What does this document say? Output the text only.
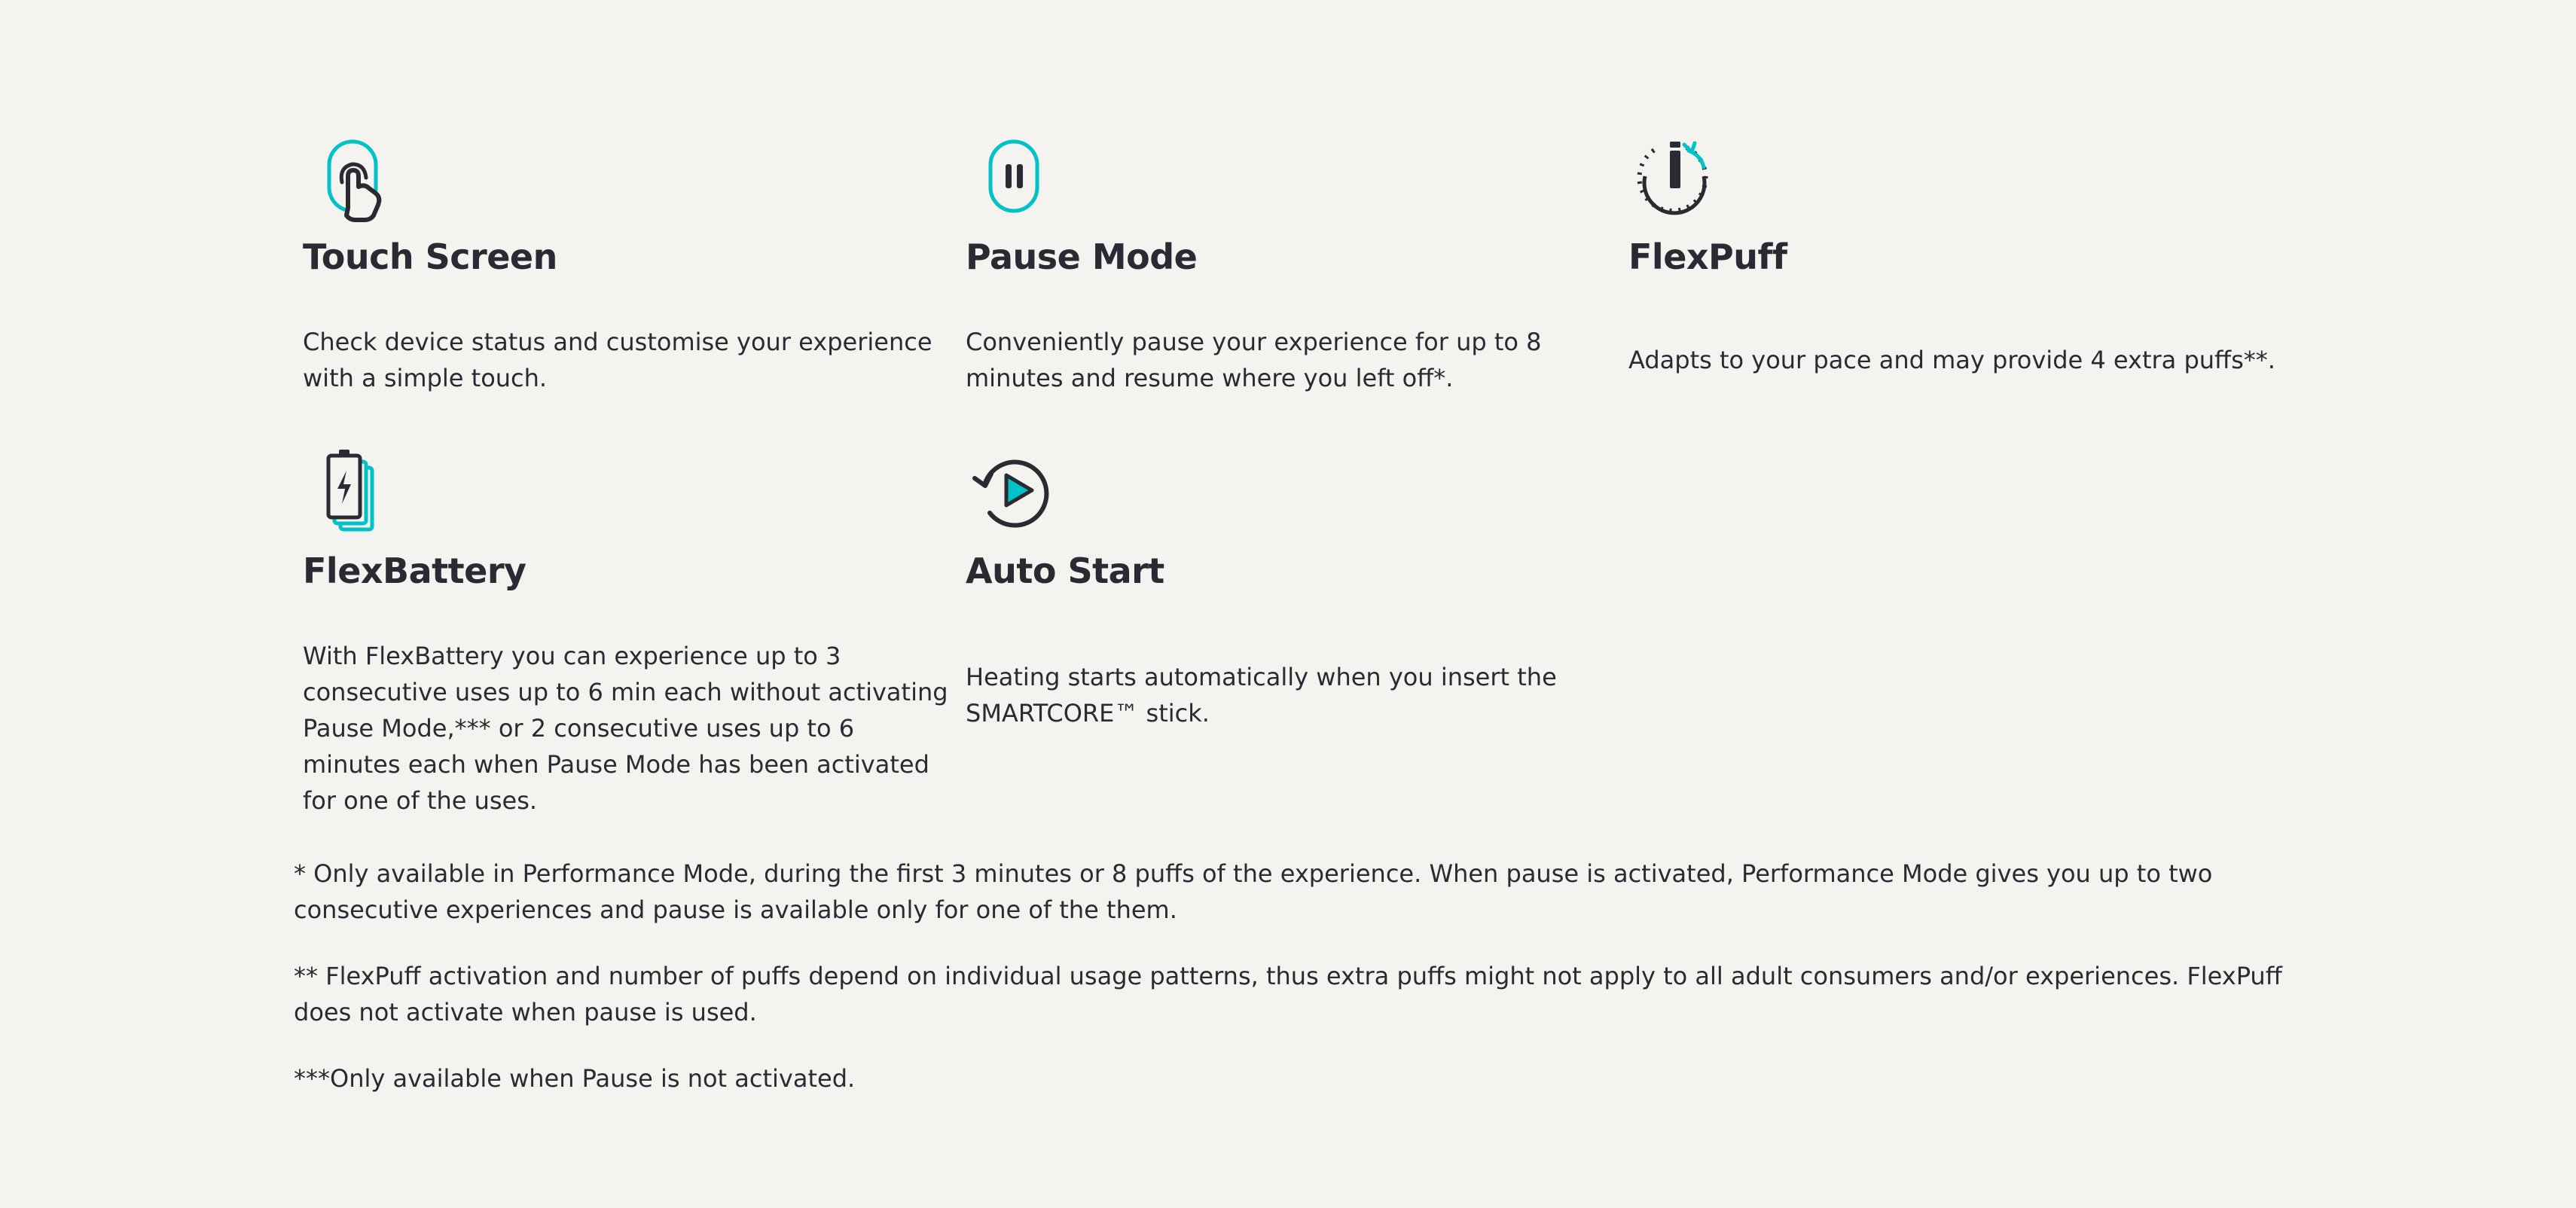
Touch Screen

Check device status and customise your experience with a simple touch.

Pause Mode

Conveniently pause your experience for up to 8 minutes and resume where you left off*.

FlexPuff

Adapts to your pace and may provide 4 extra puffs**.

FlexBattery

With FlexBattery you can experience up to 3 consecutive uses up to 6 min each without activating Pause Mode,*** or 2 consecutive uses up to 6 minutes each when Pause Mode has been activated for one of the uses.

Auto Start

Heating starts automatically when you insert the SMARTCORE™ stick.

* Only available in Performance Mode, during the first 3 minutes or 8 puffs of the experience. When pause is activated, Performance Mode gives you up to two consecutive experiences and pause is available only for one of the them.

** FlexPuff activation and number of puffs depend on individual usage patterns, thus extra puffs might not apply to all adult consumers and/or experiences. FlexPuff does not activate when pause is used.

***Only available when Pause is not activated.
